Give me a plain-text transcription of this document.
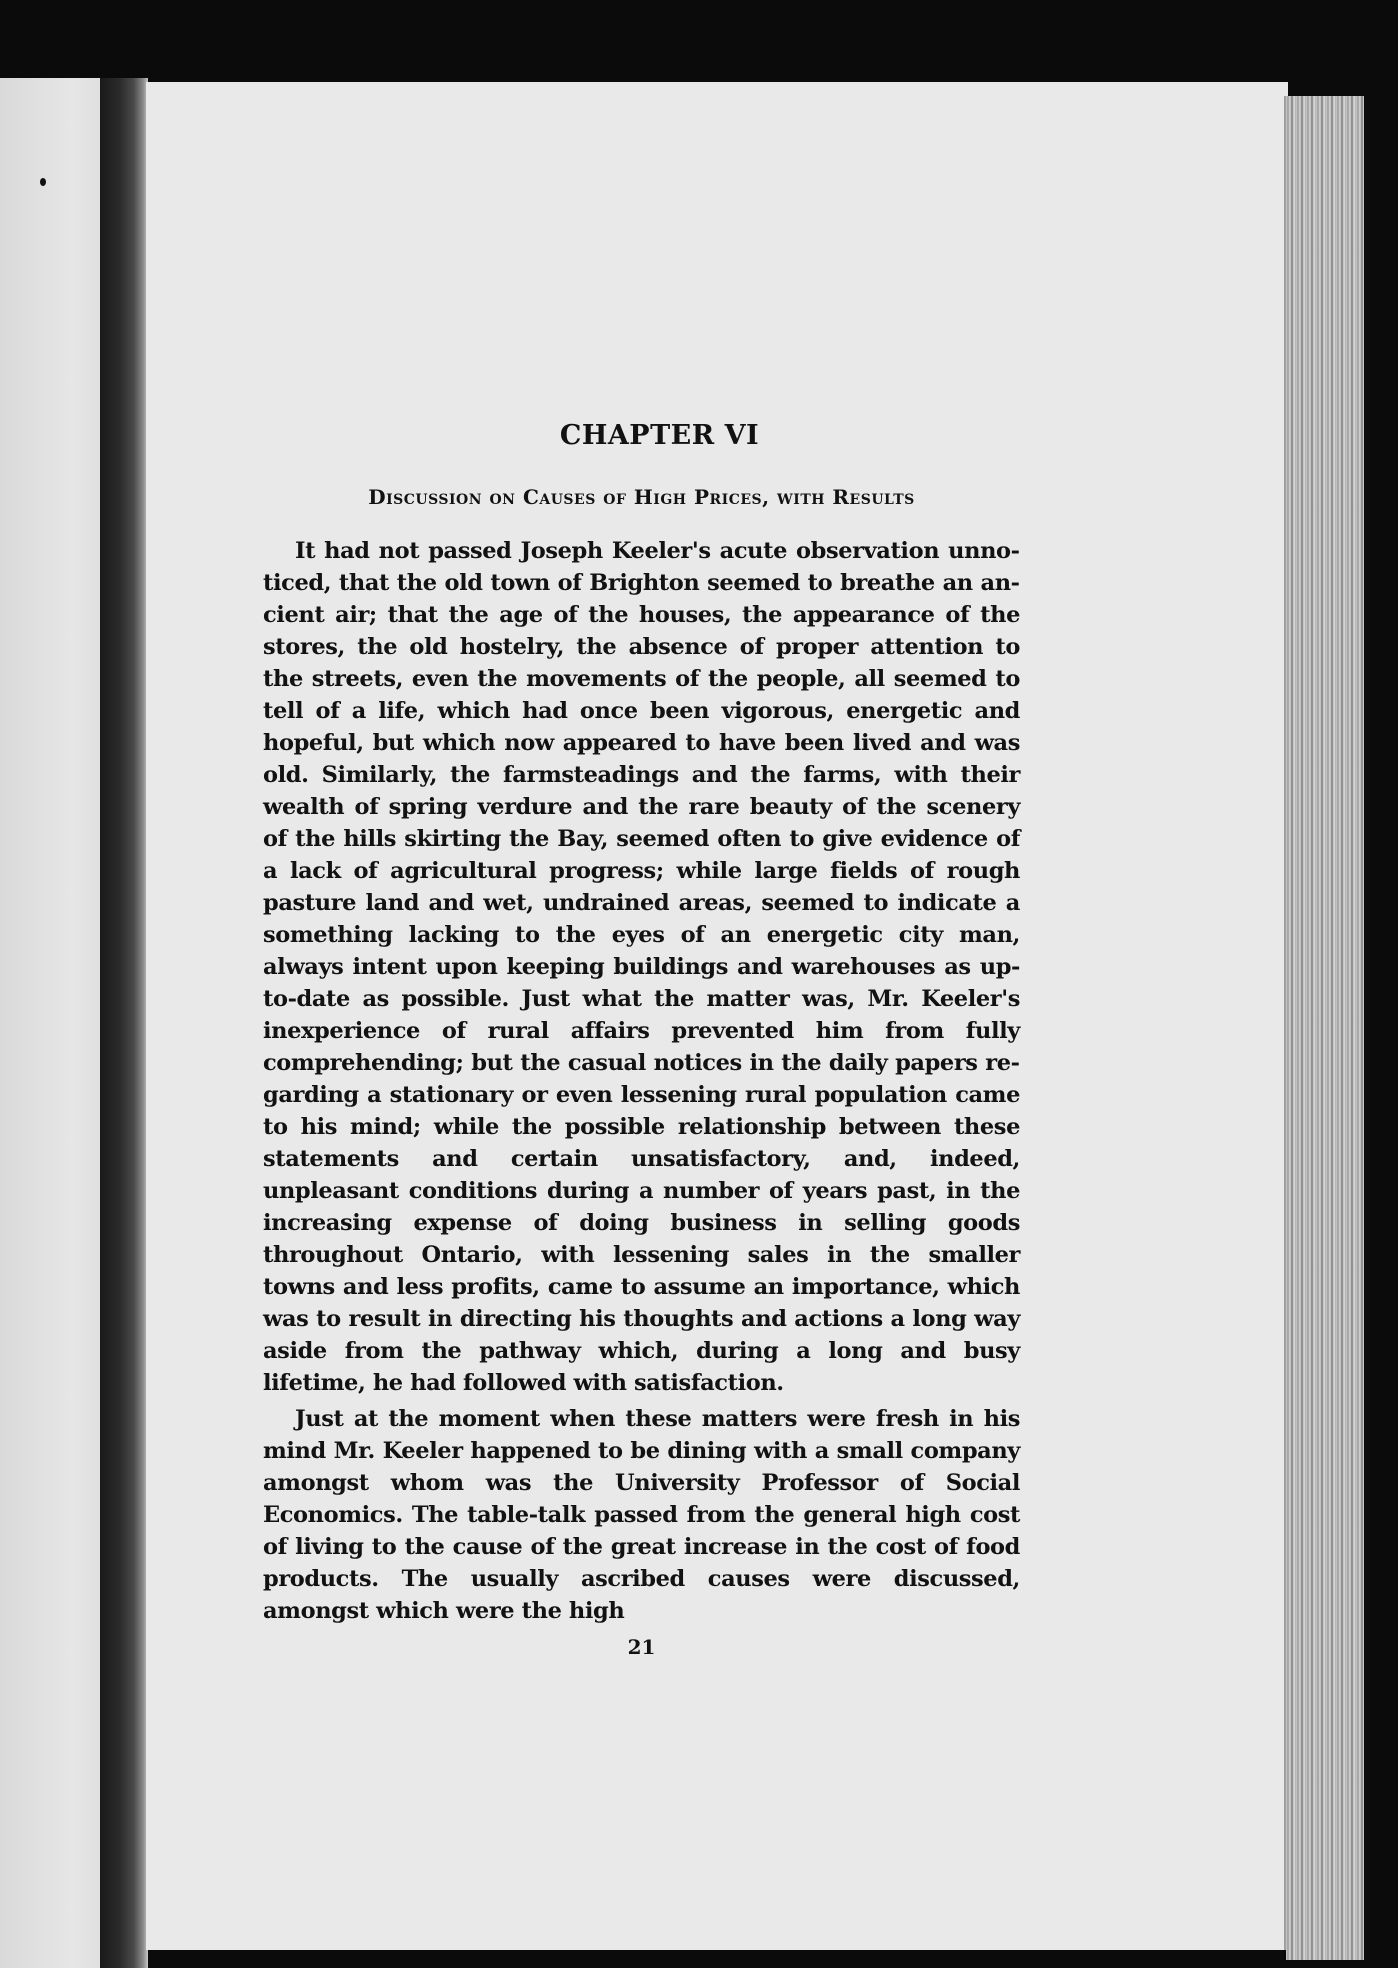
CHAPTER VI
Discussion on Causes of High Prices, with Results

It had not passed Joseph Keeler's acute observation unnoticed, that the old town of Brighton seemed to breathe an ancient air; that the age of the houses, the appearance of the stores, the old hostelry, the absence of proper attention to the streets, even the movements of the people, all seemed to tell of a life, which had once been vigorous, energetic and hopeful, but which now appeared to have been lived and was old. Similarly, the farmsteadings and the farms, with their wealth of spring verdure and the rare beauty of the scenery of the hills skirting the Bay, seemed often to give evidence of a lack of agricultural progress; while large fields of rough pasture land and wet, undrained areas, seemed to indicate a something lacking to the eyes of an energetic city man, always intent upon keeping buildings and warehouses as up-to-date as possible. Just what the matter was, Mr. Keeler's inexperience of rural affairs prevented him from fully comprehending; but the casual notices in the daily papers regarding a stationary or even lessening rural population came to his mind; while the possible relationship between these statements and certain unsatisfactory, and, indeed, unpleasant conditions during a number of years past, in the increasing expense of doing business in selling goods throughout Ontario, with lessening sales in the smaller towns and less profits, came to assume an importance, which was to result in directing his thoughts and actions a long way aside from the pathway which, during a long and busy lifetime, he had followed with satisfaction.

Just at the moment when these matters were fresh in his mind Mr. Keeler happened to be dining with a small company amongst whom was the University Professor of Social Economics. The table-talk passed from the general high cost of living to the cause of the great increase in the cost of food products. The usually ascribed causes were discussed, amongst which were the high

21
